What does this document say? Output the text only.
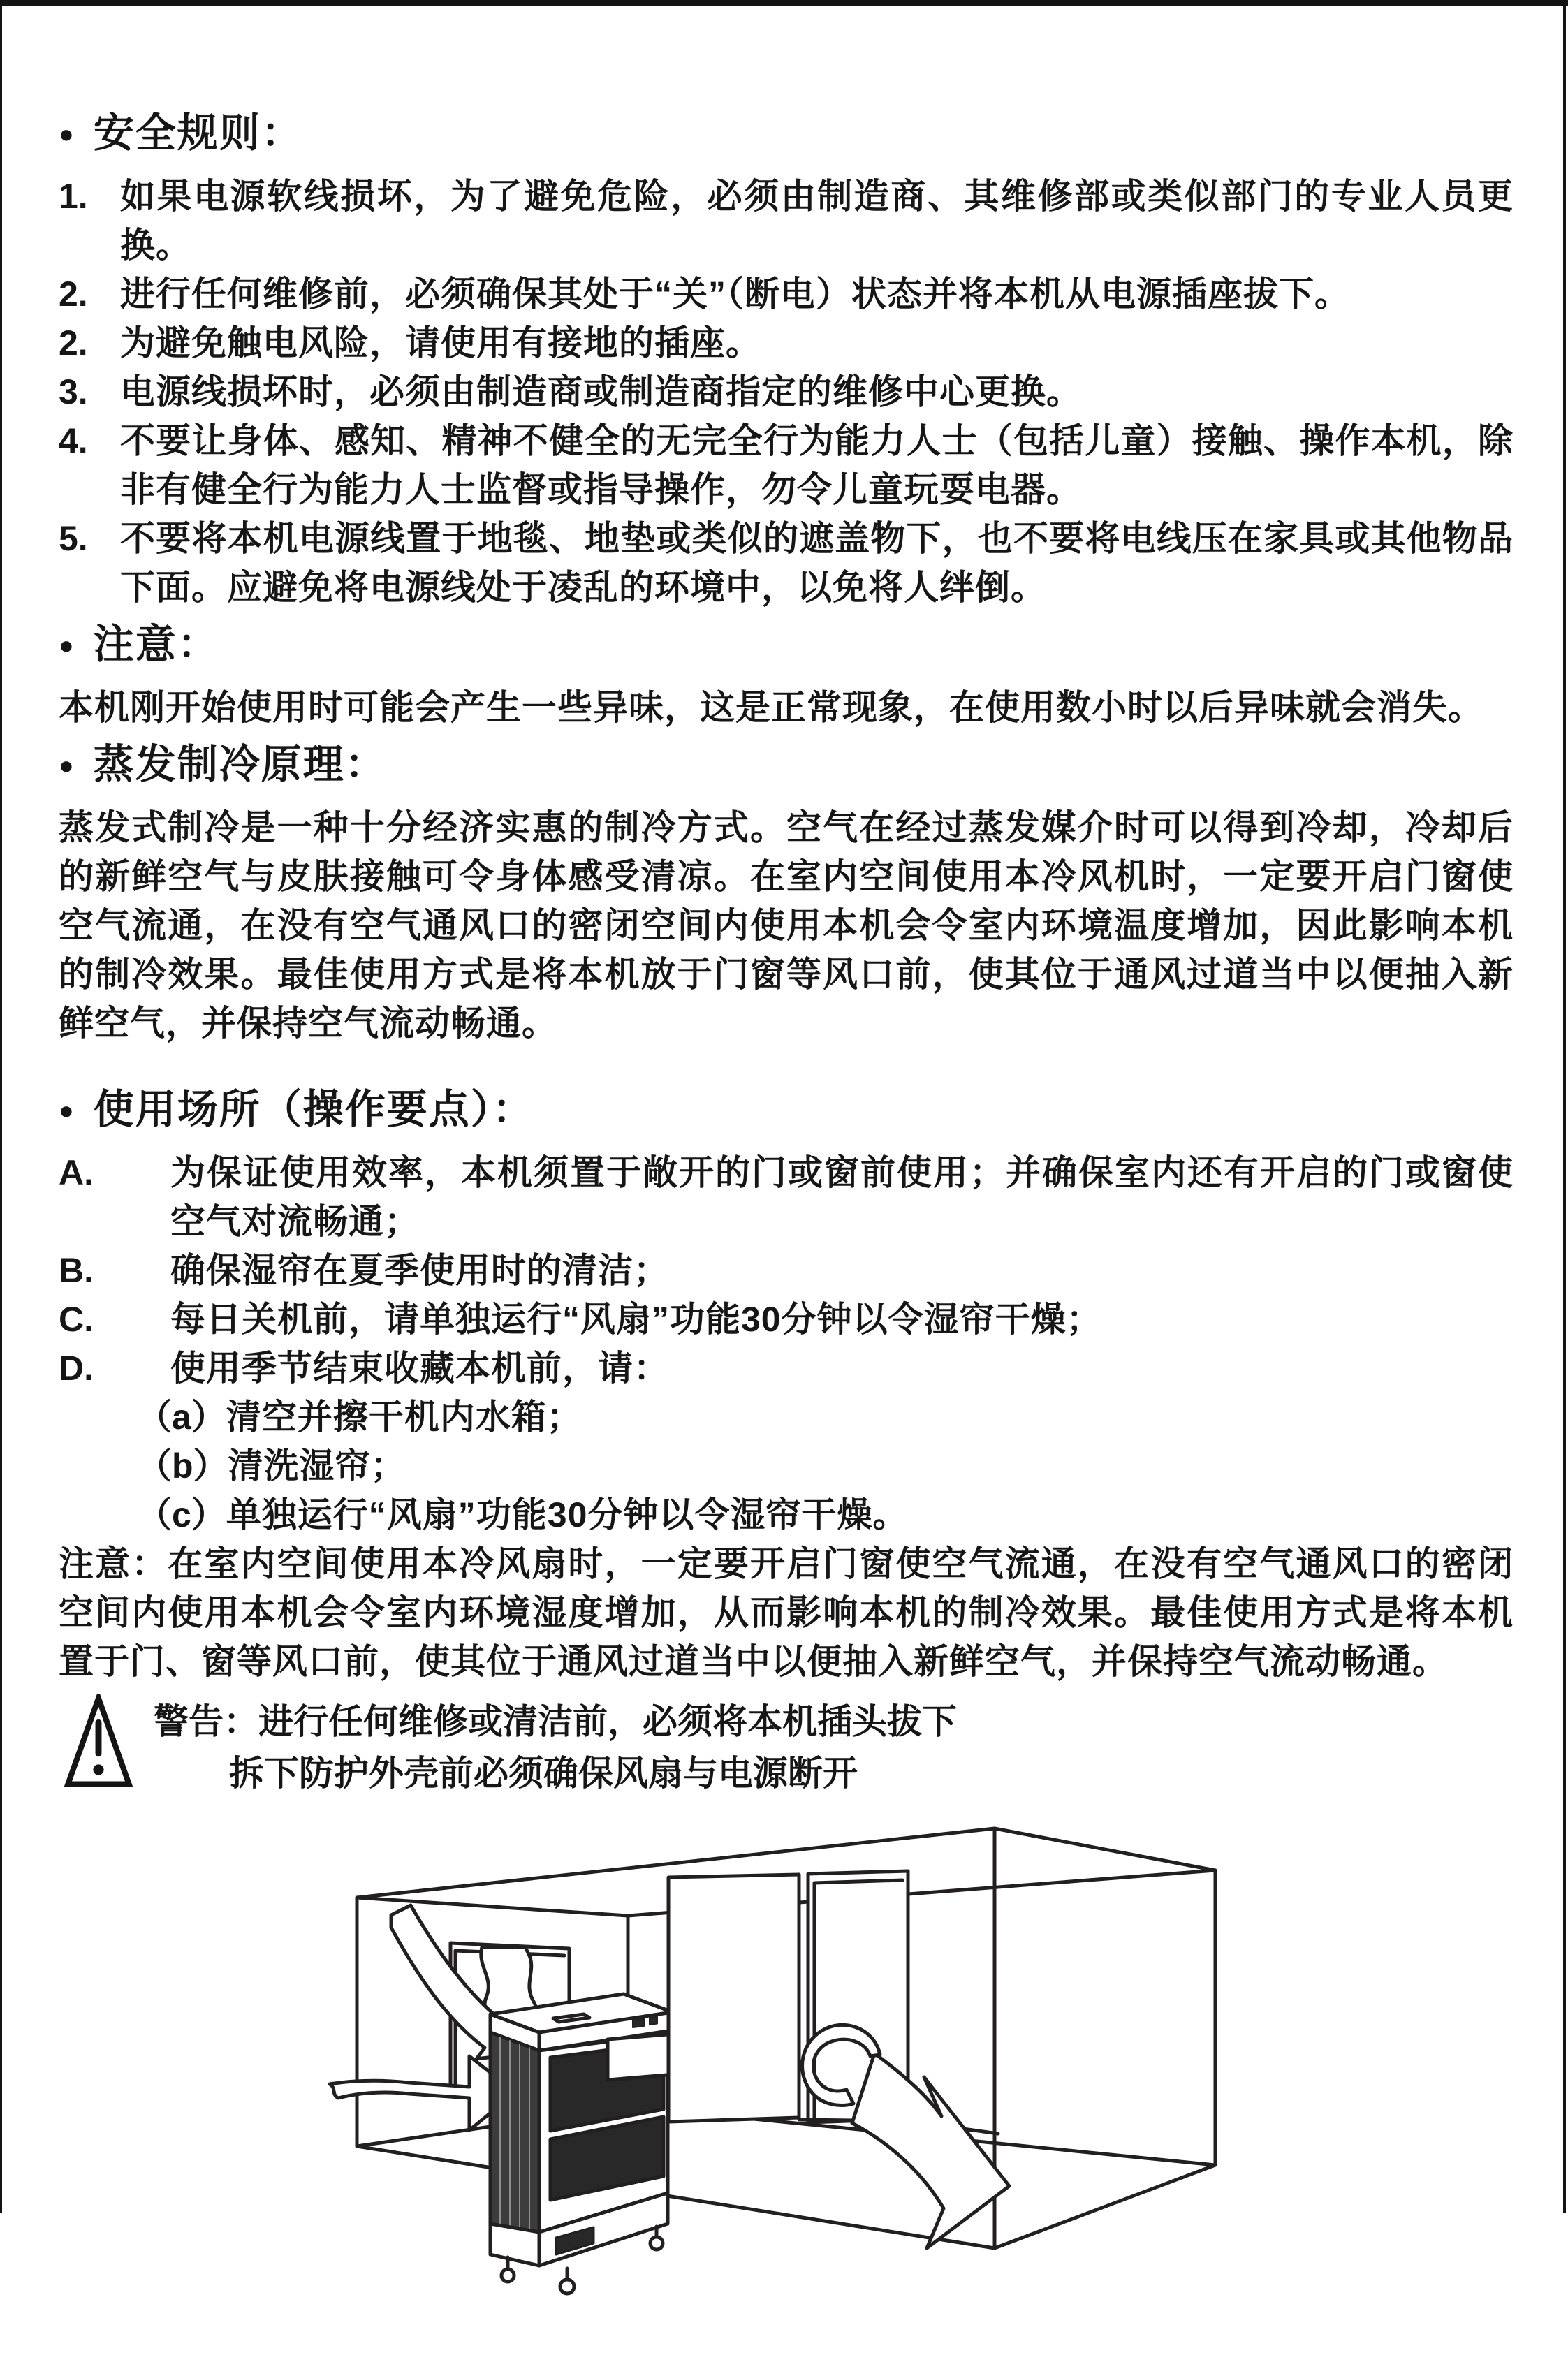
● 安全规则：
1. 如果电源软线损坏，为了避免危险，必须由制造商、其维修部或类似部门的专业人员更换。
2. 进行任何维修前，必须确保其处于“关”（断电）状态并将本机从电源插座拔下。
2. 为避免触电风险，请使用有接地的插座。
3. 电源线损坏时，必须由制造商或制造商指定的维修中心更换。
4. 不要让身体、感知、精神不健全的无完全行为能力人士（包括儿童）接触、操作本机，除非有健全行为能力人士监督或指导操作，勿令儿童玩耍电器。
5. 不要将本机电源线置于地毯、地垫或类似的遮盖物下，也不要将电线压在家具或其他物品下面。应避免将电源线处于凌乱的环境中，以免将人绊倒。
● 注意：

本机刚开始使用时可能会产生一些异味，这是正常现象，在使用数小时以后异味就会消失。

● 蒸发制冷原理：

蒸发式制冷是一种十分经济实惠的制冷方式。空气在经过蒸发媒介时可以得到冷却，冷却后的新鲜空气与皮肤接触可令身体感受清凉。在室内空间使用本冷风机时，一定要开启门窗使空气流通，在没有空气通风口的密闭空间内使用本机会令室内环境温度增加，因此影响本机的制冷效果。最佳使用方式是将本机放于门窗等风口前，使其位于通风过道当中以便抽入新鲜空气，并保持空气流动畅通。

● 使用场所（操作要点）：
A.	为保证使用效率，本机须置于敞开的门或窗前使用；并确保室内还有开启的门或窗使空气对流畅通；
B.	确保湿帘在夏季使用时的清洁；
C.	每日关机前，请单独运行“风扇”功能30分钟以令湿帘干燥；
D.	使用季节结束收藏本机前，请：
（a） 清空并擦干机内水箱；
（b） 清洗湿帘；
（c） 单独运行“风扇”功能30分钟以令湿帘干燥。

注意：在室内空间使用本冷风扇时，一定要开启门窗使空气流通，在没有空气通风口的密闭空间内使用本机会令室内环境湿度增加，从而影响本机的制冷效果。最佳使用方式是将本机置于门、窗等风口前，使其位于通风过道当中以便抽入新鲜空气，并保持空气流动畅通。

警告：进行任何维修或清洁前，必须将本机插头拔下
拆下防护外壳前必须确保风扇与电源断开
